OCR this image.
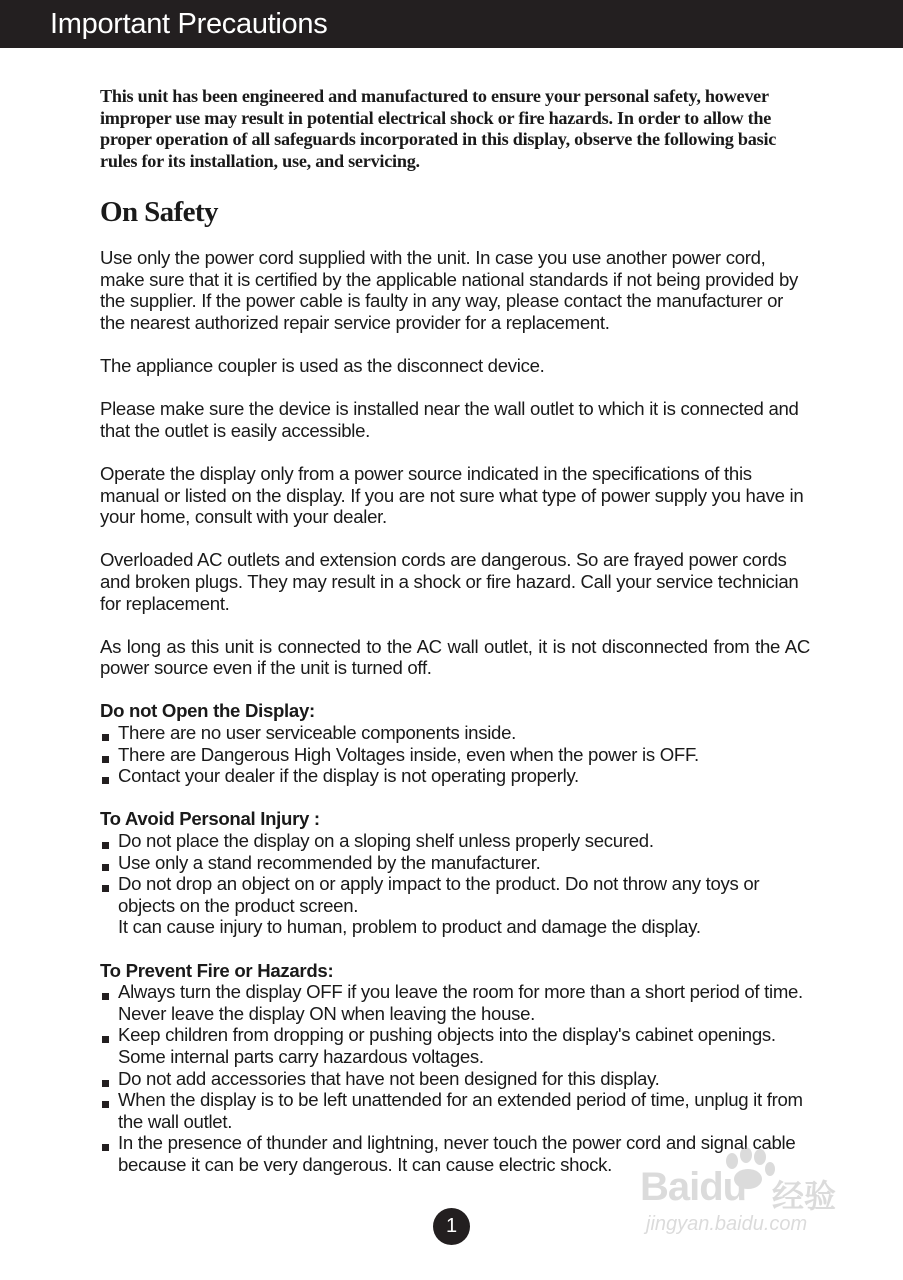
Important Precautions
This unit has been engineered and manufactured to ensure your personal safety, however improper use may result in potential electrical shock or fire hazards. In order to allow the proper operation of all safeguards incorporated in this display, observe the following basic rules for its installation, use, and servicing.
On Safety

Use only the power cord supplied with the unit. In case you use another power cord, make sure that it is certified by the applicable national standards if not being provided by the supplier. If the power cable is faulty in any way, please contact the manufacturer or the nearest authorized repair service provider for a replacement.

The appliance coupler is used as the disconnect device.

Please make sure the device is installed near the wall outlet to which it is connected and that the outlet is easily accessible.

Operate the display only from a power source indicated in the specifications of this manual or listed on the display. If you are not sure what type of power supply you have in your home, consult with your dealer.

Overloaded AC outlets and extension cords are dangerous. So are frayed power cords and broken plugs. They may result in a shock or fire hazard. Call your service technician for replacement.

As long as this unit is connected to the AC wall outlet, it is not disconnected from the AC power source even if the unit is turned off.

Do not Open the Display:

There are no user serviceable components inside.
There are Dangerous High Voltages inside, even when the power is OFF.
Contact your dealer if the display is not operating properly.

To Avoid Personal Injury :

Do not place the display on a sloping shelf unless properly secured.
Use only a stand recommended by the manufacturer.
Do not drop an object on or apply impact to the product. Do not throw any toys or objects on the product screen.
It can cause injury to human, problem to product and damage the display.

To Prevent Fire or Hazards:

Always turn the display OFF if you leave the room for more than a short period of time. Never leave the display ON when leaving the house.
Keep children from dropping or pushing objects into the display's cabinet openings. Some internal parts carry hazardous voltages.
Do not add accessories that have not been designed for this display.
When the display is to be left unattended for an extended period of time, unplug it from the wall outlet.
In the presence of thunder and lightning, never touch the power cord and signal cable because it can be very dangerous. It can cause electric shock.
Baidu 经验
jingyan.baidu.com
1
